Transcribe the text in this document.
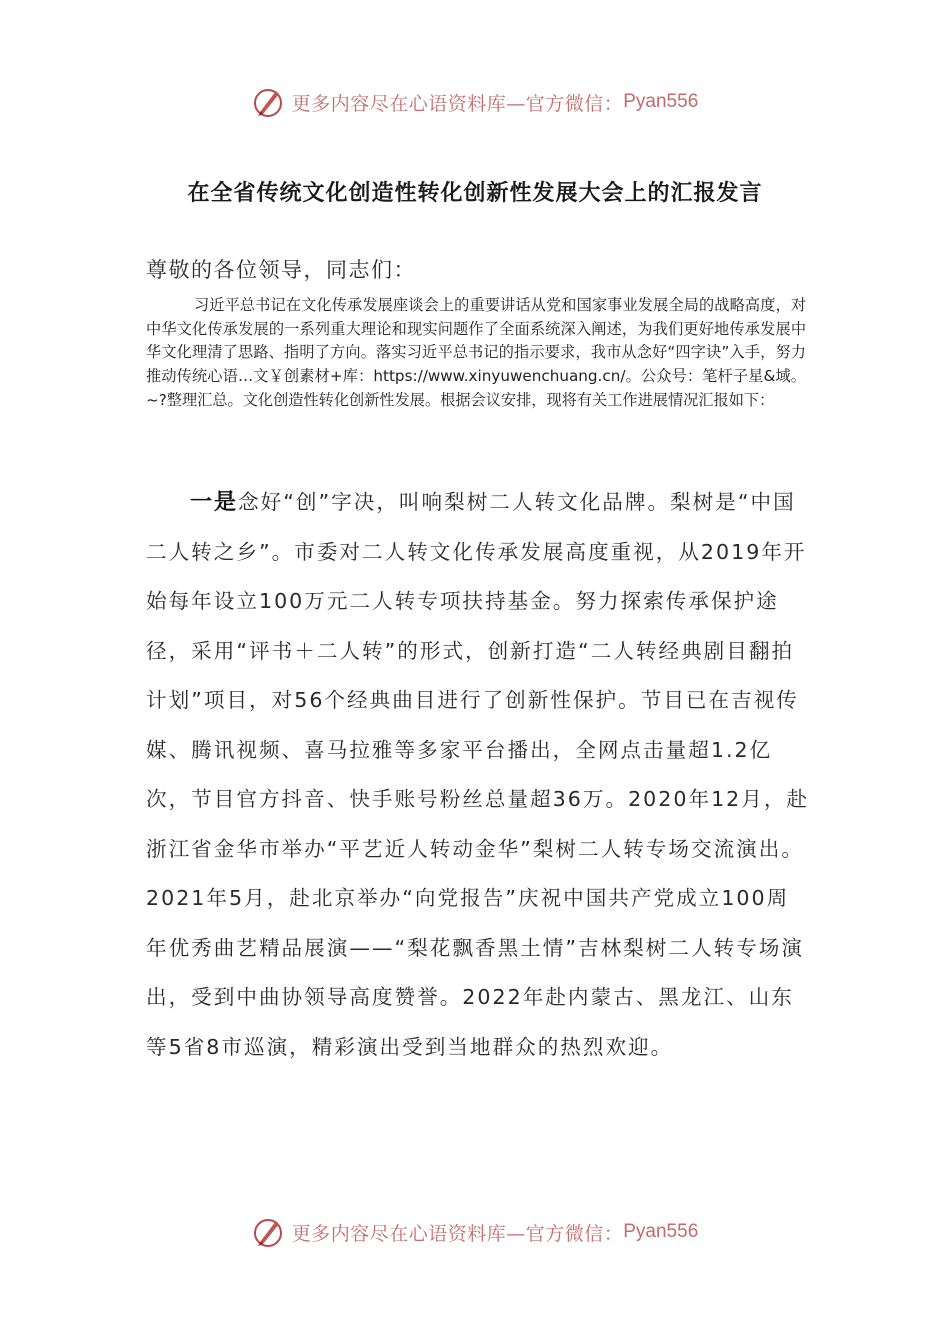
更多内容尽在心语资料库—官方微信： Pyan556
在全省传统文化创造性转化创新性发展大会上的汇报发言
尊敬的各位领导，同志们：

习近平总书记在文化传承发展座谈会上的重要讲话从党和国家事业发展全局的战略高度，对中华文化传承发展的一系列重大理论和现实问题作了全面系统深入阐述，为我们更好地传承发展中华文化理清了思路、指明了方向。落实习近平总书记的指示要求，我市从念好“四字诀”入手，努力推动传统心语…文￥创素材+库：https://www.xinyuwenchuang.cn/。公众号：笔杆子星&域。~?整理汇总。文化创造性转化创新性发展。根据会议安排，现将有关工作进展情况汇报如下：

一是念好“创”字决，叫响梨树二人转文化品牌。梨树是“中国二人转之乡”。市委对二人转文化传承发展高度重视，从2019年开始每年设立100万元二人转专项扶持基金。努力探索传承保护途径，采用“评书＋二人转”的形式，创新打造“二人转经典剧目翻拍计划”项目，对56个经典曲目进行了创新性保护。节目已在吉视传媒、腾讯视频、喜马拉雅等多家平台播出，全网点击量超1.2亿次，节目官方抖音、快手账号粉丝总量超36万。2020年12月，赴浙江省金华市举办“平艺近人转动金华”梨树二人转专场交流演出。2021年5月，赴北京举办“向党报告”庆祝中国共产党成立100周年优秀曲艺精品展演——“梨花飘香黑土情”吉林梨树二人转专场演出，受到中曲协领导高度赞誉。2022年赴内蒙古、黑龙江、山东等5省8市巡演，精彩演出受到当地群众的热烈欢迎。

更多内容尽在心语资料库—官方微信： Pyan556
